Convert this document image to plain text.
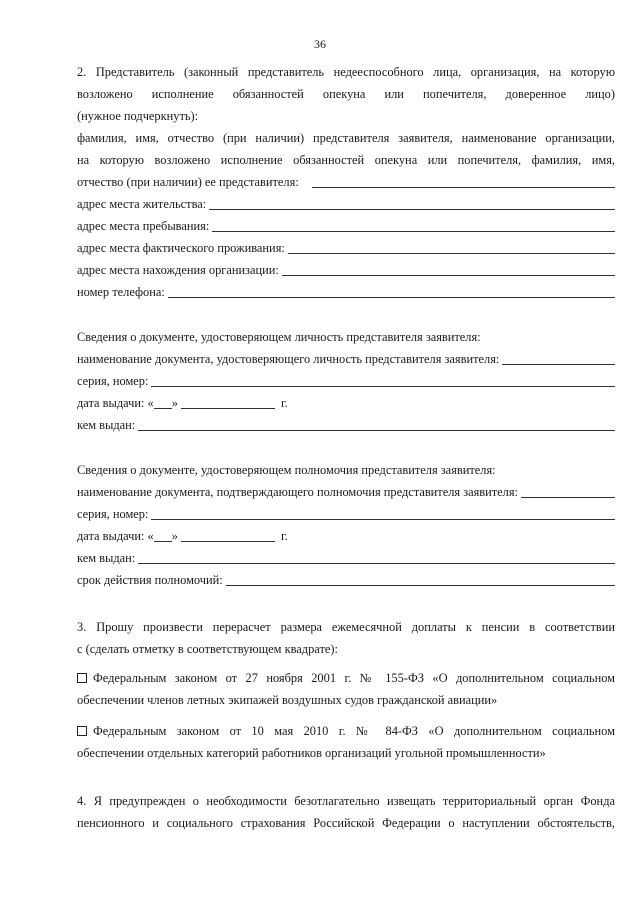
36
2. Представитель (законный представитель недееспособного лица, организация, на которую
возложено исполнение обязанностей опекуна или попечителя, доверенное лицо)
(нужное подчеркнуть):
фамилия, имя, отчество (при наличии) представителя заявителя, наименование организации,
на которую возложено исполнение обязанностей опекуна или попечителя, фамилия, имя,
отчество (при наличии) ее представителя:
адрес места жительства:
адрес места пребывания:
адрес места фактического проживания:
адрес места нахождения организации:
номер телефона:
Сведения о документе, удостоверяющем личность представителя заявителя:
наименование документа, удостоверяющего личность представителя заявителя:
серия, номер:
дата выдачи: « »	г.
кем выдан:
Сведения о документе, удостоверяющем полномочия представителя заявителя:
наименование документа, подтверждающего полномочия представителя заявителя:
серия, номер:
дата выдачи: « »	г.
кем выдан:
срок действия полномочий:
3. Прошу произвести перерасчет размера ежемесячной доплаты к пенсии в соответствии
с (сделать отметку в соответствующем квадрате):
Федеральным законом от 27 ноября 2001 г. № 155-ФЗ «О дополнительном социальном
обеспечении членов летных экипажей воздушных судов гражданской авиации»
Федеральным законом от 10 мая 2010 г. № 84-ФЗ «О дополнительном социальном
обеспечении отдельных категорий работников организаций угольной промышленности»
4. Я предупрежден о необходимости безотлагательно извещать территориальный орган Фонда
пенсионного и социального страхования Российской Федерации о наступлении обстоятельств,
